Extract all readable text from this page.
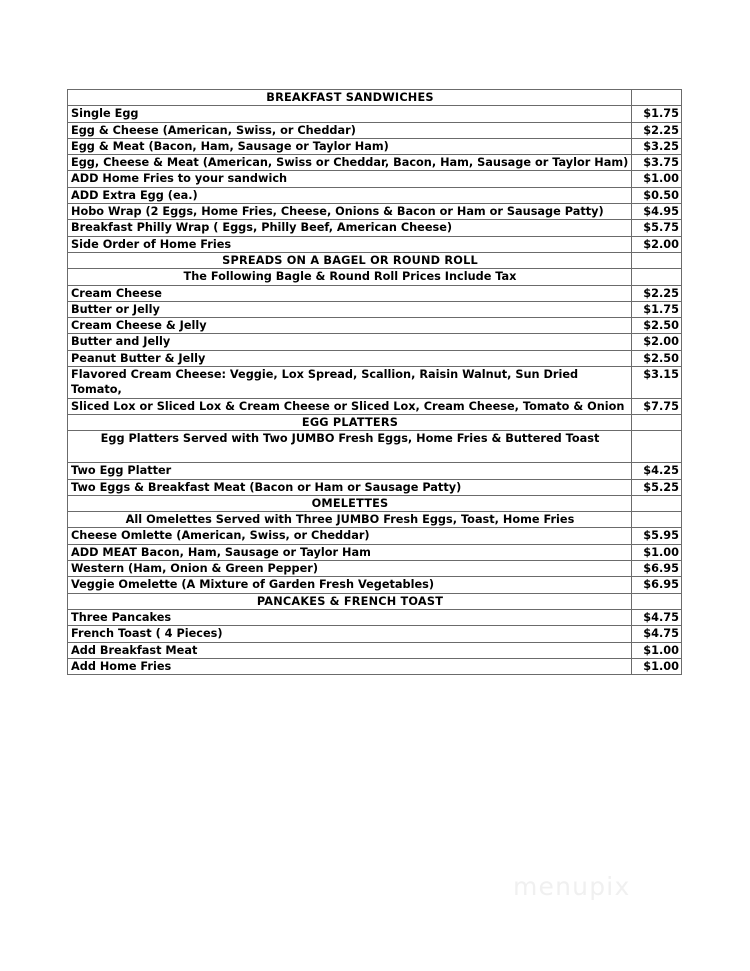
BREAKFAST SANDWICHES	
Single Egg	$1.75
Egg & Cheese (American, Swiss, or Cheddar)	$2.25
Egg & Meat (Bacon, Ham, Sausage or Taylor Ham)	$3.25
Egg, Cheese & Meat (American, Swiss or Cheddar, Bacon, Ham, Sausage or Taylor Ham)	$3.75
ADD Home Fries to your sandwich	$1.00
ADD Extra Egg (ea.)	$0.50
Hobo Wrap (2 Eggs, Home Fries, Cheese, Onions & Bacon or Ham or Sausage Patty)	$4.95
Breakfast Philly Wrap ( Eggs, Philly Beef, American Cheese)	$5.75
Side Order of Home Fries	$2.00
SPREADS ON A BAGEL OR ROUND ROLL	
The Following Bagle & Round Roll Prices Include Tax	
Cream Cheese	$2.25
Butter or Jelly	$1.75
Cream Cheese & Jelly	$2.50
Butter and Jelly	$2.00
Peanut Butter & Jelly	$2.50
Flavored Cream Cheese: Veggie, Lox Spread, Scallion, Raisin Walnut, Sun Dried Tomato,	$3.15
Sliced Lox or Sliced Lox & Cream Cheese or Sliced Lox, Cream Cheese, Tomato & Onion	$7.75
EGG PLATTERS	
Egg Platters Served with Two JUMBO Fresh Eggs, Home Fries & Buttered Toast	
Two Egg Platter	$4.25
Two Eggs & Breakfast Meat (Bacon or Ham or Sausage Patty)	$5.25
OMELETTES	
All Omelettes Served with Three JUMBO Fresh Eggs, Toast, Home Fries	
Cheese Omlette (American, Swiss, or Cheddar)	$5.95
ADD MEAT Bacon, Ham, Sausage or Taylor Ham	$1.00
Western (Ham, Onion & Green Pepper)	$6.95
Veggie Omelette (A Mixture of Garden Fresh Vegetables)	$6.95
PANCAKES & FRENCH TOAST	
Three Pancakes	$4.75
French Toast ( 4 Pieces)	$4.75
Add Breakfast Meat	$1.00
Add Home Fries	$1.00
menupix
